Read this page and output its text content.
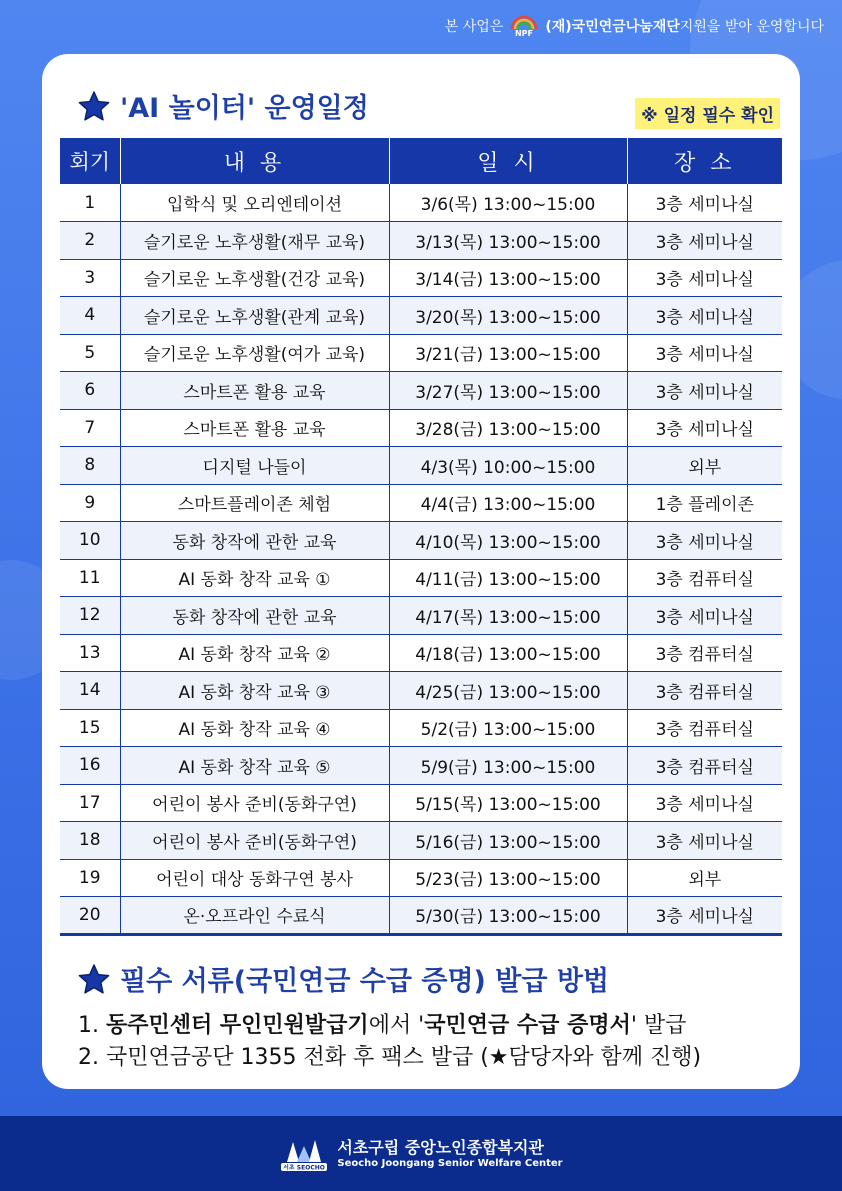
본 사업은 NPF (재)국민연금나눔재단지원을 받아 운영합니다
'AI 놀이터' 운영일정	※ 일정 필수 확인
회기	내 용	일 시	장 소
1	입학식 및 오리엔테이션	3/6(목) 13:00~15:00	3층 세미나실
2	슬기로운 노후생활(재무 교육)	3/13(목) 13:00~15:00	3층 세미나실
3	슬기로운 노후생활(건강 교육)	3/14(금) 13:00~15:00	3층 세미나실
4	슬기로운 노후생활(관계 교육)	3/20(목) 13:00~15:00	3층 세미나실
5	슬기로운 노후생활(여가 교육)	3/21(금) 13:00~15:00	3층 세미나실
6	스마트폰 활용 교육	3/27(목) 13:00~15:00	3층 세미나실
7	스마트폰 활용 교육	3/28(금) 13:00~15:00	3층 세미나실
8	디지털 나들이	4/3(목) 10:00~15:00	외부
9	스마트플레이존 체험	4/4(금) 13:00~15:00	1층 플레이존
10	동화 창작에 관한 교육	4/10(목) 13:00~15:00	3층 세미나실
11	AI 동화 창작 교육 ①	4/11(금) 13:00~15:00	3층 컴퓨터실
12	동화 창작에 관한 교육	4/17(목) 13:00~15:00	3층 세미나실
13	AI 동화 창작 교육 ②	4/18(금) 13:00~15:00	3층 컴퓨터실
14	AI 동화 창작 교육 ③	4/25(금) 13:00~15:00	3층 컴퓨터실
15	AI 동화 창작 교육 ④	5/2(금) 13:00~15:00	3층 컴퓨터실
16	AI 동화 창작 교육 ⑤	5/9(금) 13:00~15:00	3층 컴퓨터실
17	어린이 봉사 준비(동화구연)	5/15(목) 13:00~15:00	3층 세미나실
18	어린이 봉사 준비(동화구연)	5/16(금) 13:00~15:00	3층 세미나실
19	어린이 대상 동화구연 봉사	5/23(금) 13:00~15:00	외부
20	온·오프라인 수료식	5/30(금) 13:00~15:00	3층 세미나실
필수 서류(국민연금 수급 증명) 발급 방법
1. 동주민센터 무인민원발급기에서 '국민연금 수급 증명서' 발급
2. 국민연금공단 1355 전화 후 팩스 발급 (★담당자와 함께 진행)
서초 SEOCHO
서초구립 중앙노인종합복지관
Seocho Joongang Senior Welfare Center
